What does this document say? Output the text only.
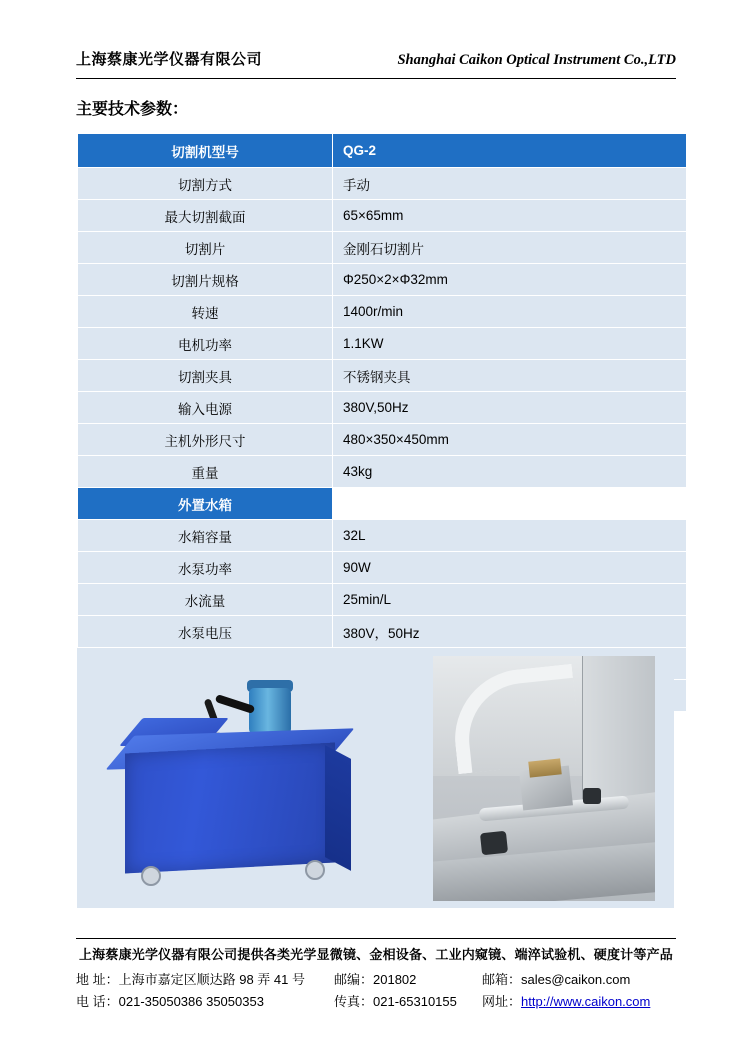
上海蔡康光学仪器有限公司	Shanghai Caikon Optical Instrument Co.,LTD
主要技术参数：
切割机型号	QG-2
切割方式	手动
最大切割截面	65×65mm
切割片	金刚石切割片
切割片规格	Φ250×2×Φ32mm
转速	1400r/min
电机功率	1.1KW
切割夹具	不锈钢夹具
输入电源	380V,50Hz
主机外形尺寸	480×350×450mm
重量	43kg
外置水箱	
水箱容量	32L
水泵功率	90W
水流量	25min/L
水泵电压	380V，50Hz

上海蔡康光学仪器有限公司提供各类光学显微镜、金相设备、工业内窥镜、端淬试验机、硬度计等产品
地 址：上海市嘉定区顺达路 98 弄 41 号	邮编：201802	邮箱：sales@caikon.com
电 话：021-35050386 35050353	传真：021-65310155	网址：http://www.caikon.com
